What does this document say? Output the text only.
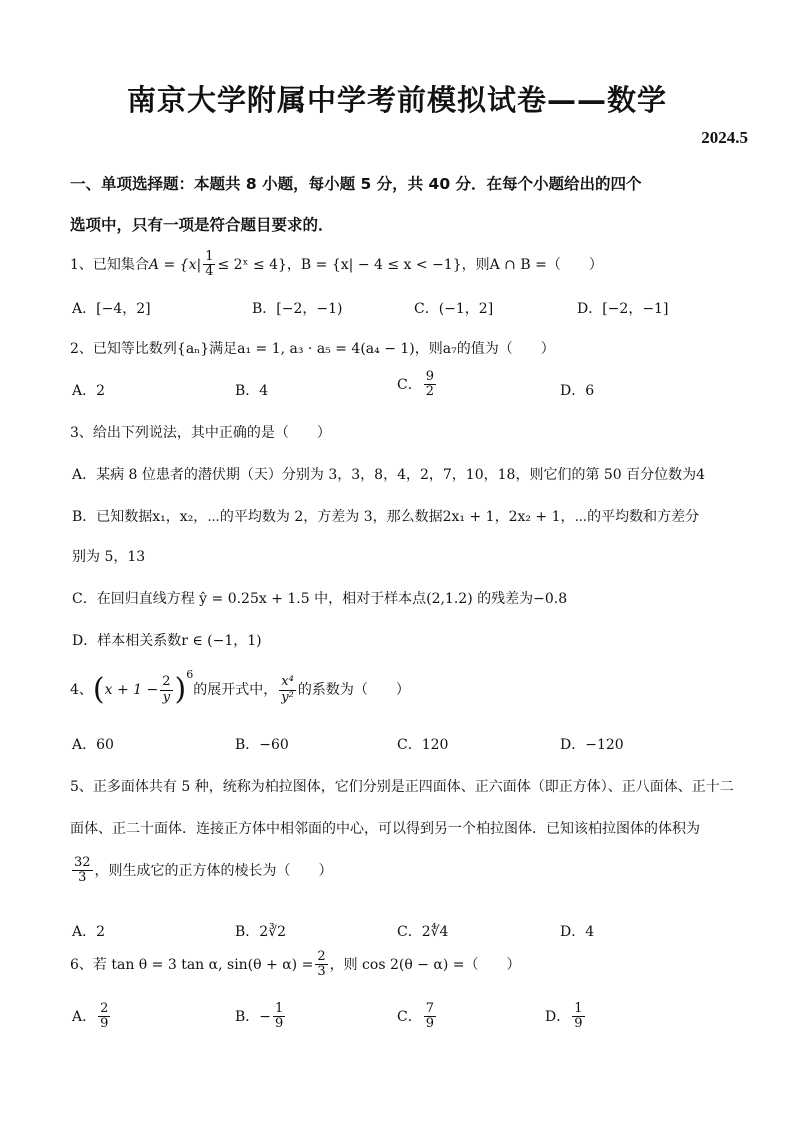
南京大学附属中学考前模拟试卷——数学
2024.5
一、单项选择题：本题共 8 小题，每小题 5 分，共 40 分．在每个小题给出的四个
选项中，只有一项是符合题目要求的．
1、已知集合$A = \{x| \frac{1}{4}$ ≤ 2ˣ ≤ 4}，B = {x| − 4 ≤ x < −1}，则A ∩ B =（　　）
A．[−4，2]	B．[−2，−1)	C．(−1，2]	D．[−2，−1]
2、已知等比数列{aₙ}满足a₁ = 1, a₃ · a₅ = 4(a₄ − 1)，则a₇的值为（　　）
A．2	B．4	C． $\frac{9}{2}$	D．6
3、给出下列说法，其中正确的是（　　）
A．某病 8 位患者的潜伏期（天）分别为 3，3，8，4，2，7，10，18，则它们的第 50 百分位数为4
B．已知数据x₁，x₂，⋯的平均数为 2，方差为 3，那么数据2x₁ + 1，2x₂ + 1，⋯的平均数和方差分
别为 5，13
C．在回归直线方程 ŷ = 0.25x + 1.5 中，相对于样本点(2,1.2) 的残差为−0.8
D．样本相关系数r ∈ (−1，1)
4、$(x + 1 - \frac{2}{y} )^6$的展开式中， $\frac{\text{x⁴}}{\text{y²}}$ 的系数为（　　）
A．60	B．−60	C．120	D．−120
5、正多面体共有 5 种，统称为柏拉图体，它们分别是正四面体、正六面体（即正方体）、正八面体、正十二
面体、正二十面体．连接正方体中相邻面的中心，可以得到另一个柏拉图体．已知该柏拉图体的体积为
$\frac{32}{3}$ ，则生成它的正方体的棱长为（　　）
A．2	B．2∛2	C．2∜4	D．4
6、若 tan θ = 3 tan α, $\sin(\theta + \alpha) = \frac{2}{3}$ ，则 cos 2(θ − α) =（　　）
A． $\frac{2}{9}$	B．− $\frac{1}{9}$	C． $\frac{7}{9}$	D． $\frac{1}{9}$
